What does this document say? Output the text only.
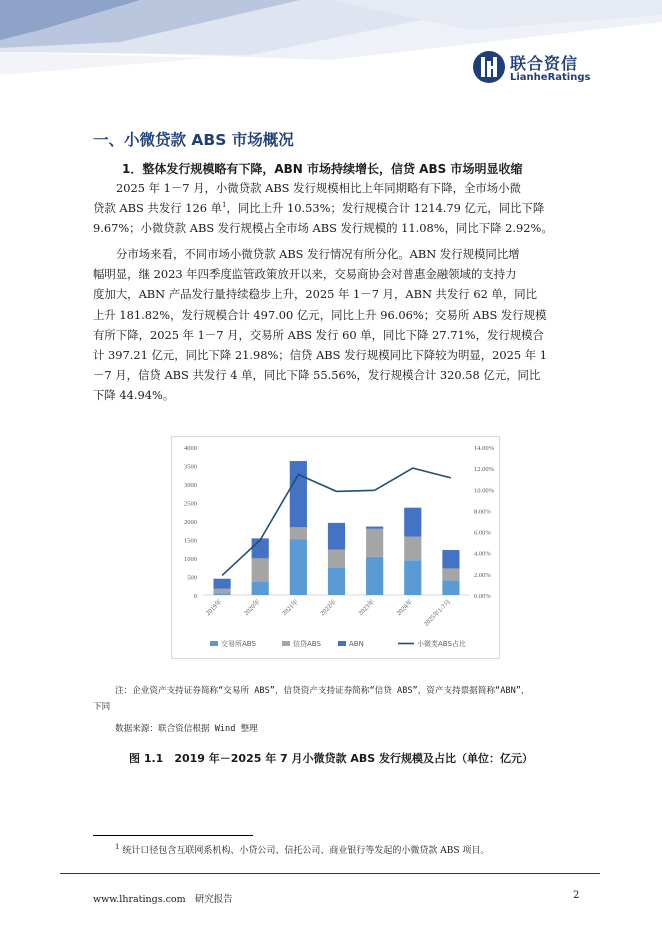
联合资信
LianheRatings
一、小微贷款 ABS 市场概况
1．整体发行规模略有下降，ABN 市场持续增长，信贷 ABS 市场明显收缩
2025 年 1－7 月，小微贷款 ABS 发行规模相比上年同期略有下降，全市场小微
贷款 ABS 共发行 126 单$^1$，同比上升 10.53%；发行规模合计 1214.79 亿元，同比下降
9.67%；小微贷款 ABS 发行规模占全市场 ABS 发行规模的 11.08%，同比下降 2.92%。
分市场来看，不同市场小微贷款 ABS 发行情况有所分化。ABN 发行规模同比增
幅明显，继 2023 年四季度监管政策放开以来，交易商协会对普惠金融领域的支持力
度加大，ABN 产品发行量持续稳步上升，2025 年 1－7 月，ABN 共发行 62 单，同比
上升 181.82%，发行规模合计 497.00 亿元，同比上升 96.06%；交易所 ABS 发行规模
有所下降，2025 年 1－7 月，交易所 ABS 发行 60 单，同比下降 27.71%，发行规模合
计 397.21 亿元，同比下降 21.98%；信贷 ABS 发行规模同比下降较为明显，2025 年 1
－7 月，信贷 ABS 共发行 4 单，同比下降 55.56%，发行规模合计 320.58 亿元，同比
下降 44.94%。
0
500
1000
1500
2000
2500
3000
3500
4000
0.00%
2.00%
4.00%
6.00%
8.00%
10.00%
12.00%
14.00%
2019年	2020年	2021年	2022年	2023年	2024年 2025年1-7月
交易所ABS	信贷ABS	ABN	小微类ABS占比
注：企业资产支持证券简称“交易所 ABS”，信贷资产支持证券简称“信贷 ABS”，资产支持票据简称“ABN”，
下同
数据来源：联合资信根据 Wind 整理
图 1.1　2019 年－2025 年 7 月小微贷款 ABS 发行规模及占比（单位：亿元）
$^1$ 统计口径包含互联网系机构、小贷公司、信托公司、商业银行等发起的小微贷款 ABS 项目。
www.lhratings.com 研究报告	2
